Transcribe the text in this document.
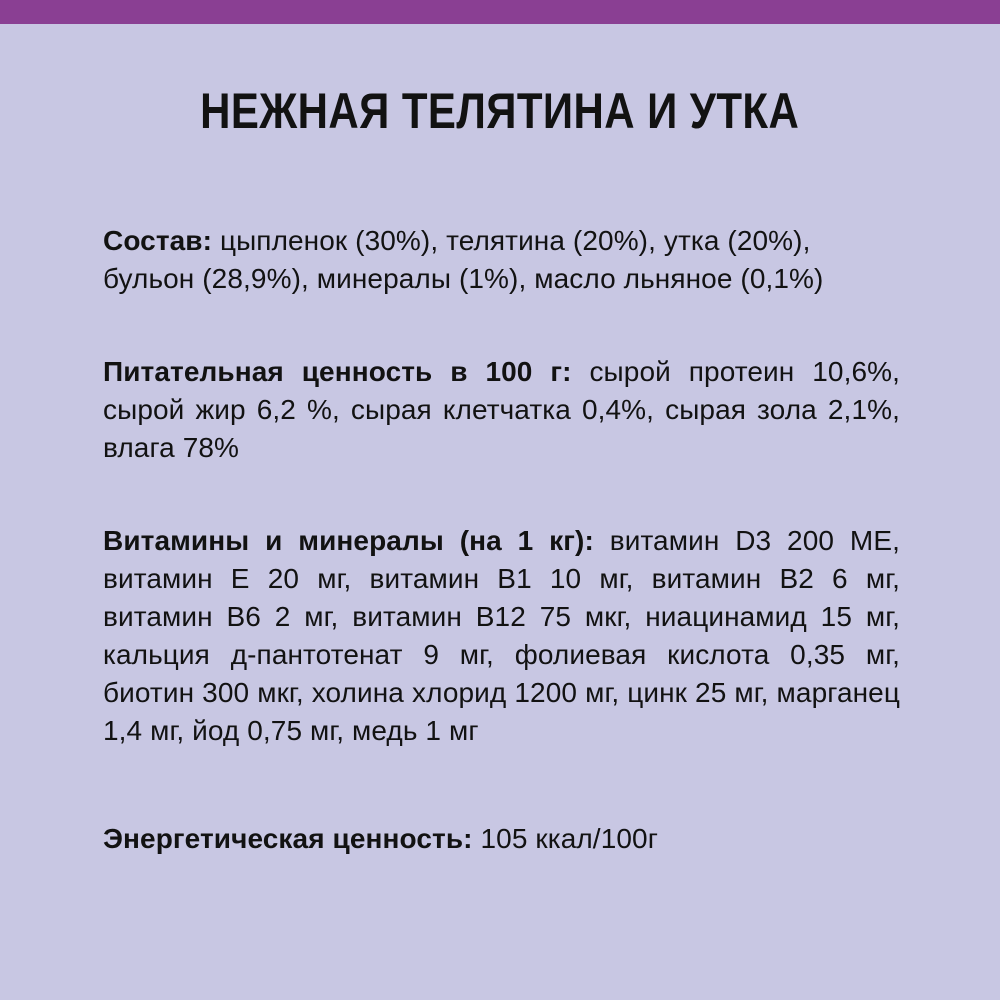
НЕЖНАЯ ТЕЛЯТИНА И УТКА

Состав: цыпленок (30%), телятина (20%), утка (20%), бульон (28,9%), минералы (1%), масло льняное (0,1%)

Питательная ценность в 100 г: сырой протеин 10,6%, сырой жир 6,2 %, сырая клетчатка 0,4%, сырая зола 2,1%, влага 78%

Витамины и минералы (на 1 кг): витамин D3 200 МЕ, витамин Е 20 мг, витамин В1 10 мг, витамин В2 6 мг, витамин В6 2 мг, витамин В12 75 мкг, ниацинамид 15 мг, кальция д-пантотенат 9 мг, фолиевая кислота 0,35 мг, биотин 300 мкг, холина хлорид 1200 мг, цинк 25 мг, марганец 1,4 мг, йод 0,75 мг, медь 1 мг

Энергетическая ценность: 105 ккал/100г
